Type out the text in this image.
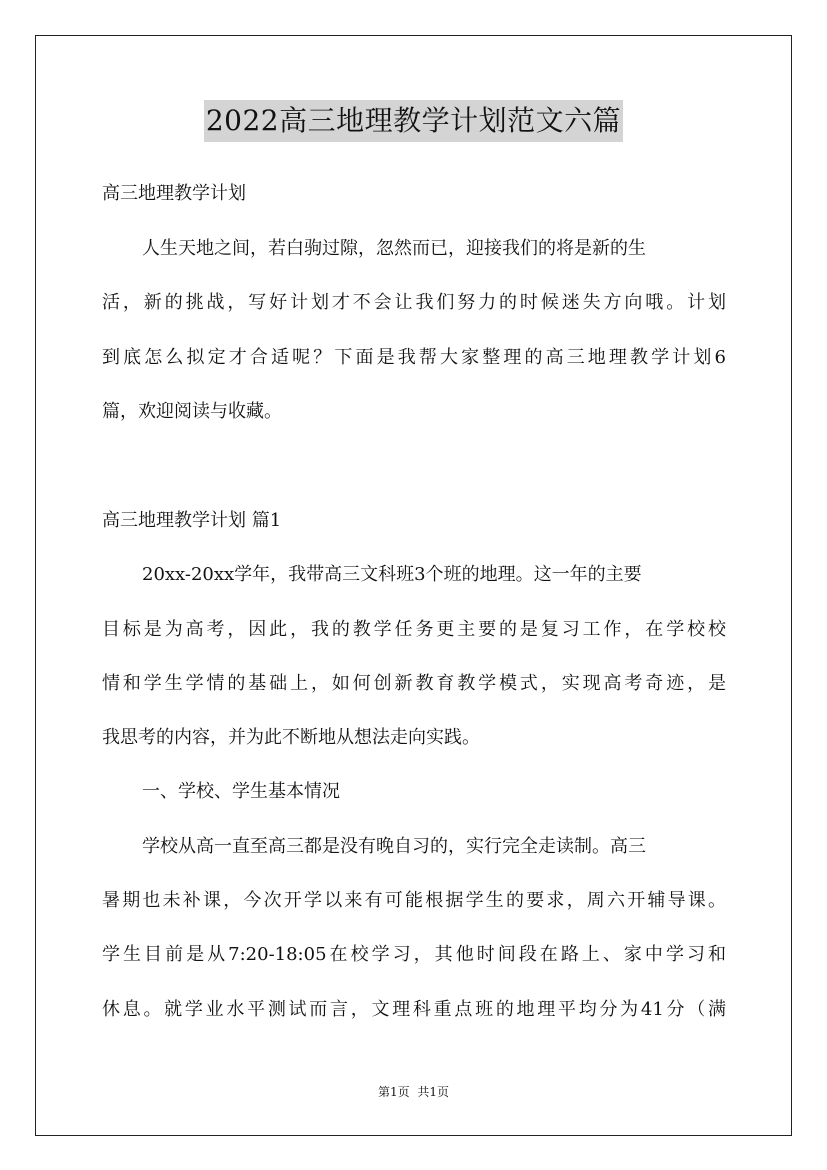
2022高三地理教学计划范文六篇
高三地理教学计划
人生天地之间，若白驹过隙，忽然而已，迎接我们的将是新的生
活，新的挑战，写好计划才不会让我们努力的时候迷失方向哦。计划
到底怎么拟定才合适呢？下面是我帮大家整理的高三地理教学计划6
篇，欢迎阅读与收藏。
高三地理教学计划 篇1
20xx-20xx学年，我带高三文科班3个班的地理。这一年的主要
目标是为高考，因此，我的教学任务更主要的是复习工作，在学校校
情和学生学情的基础上，如何创新教育教学模式，实现高考奇迹，是
我思考的内容，并为此不断地从想法走向实践。
一、学校、学生基本情况
学校从高一直至高三都是没有晚自习的，实行完全走读制。高三
暑期也未补课，今次开学以来有可能根据学生的要求，周六开辅导课。
学生目前是从7:20-18:05在校学习，其他时间段在路上、家中学习和
休息。就学业水平测试而言，文理科重点班的地理平均分为41分（满
第1页 共1页
